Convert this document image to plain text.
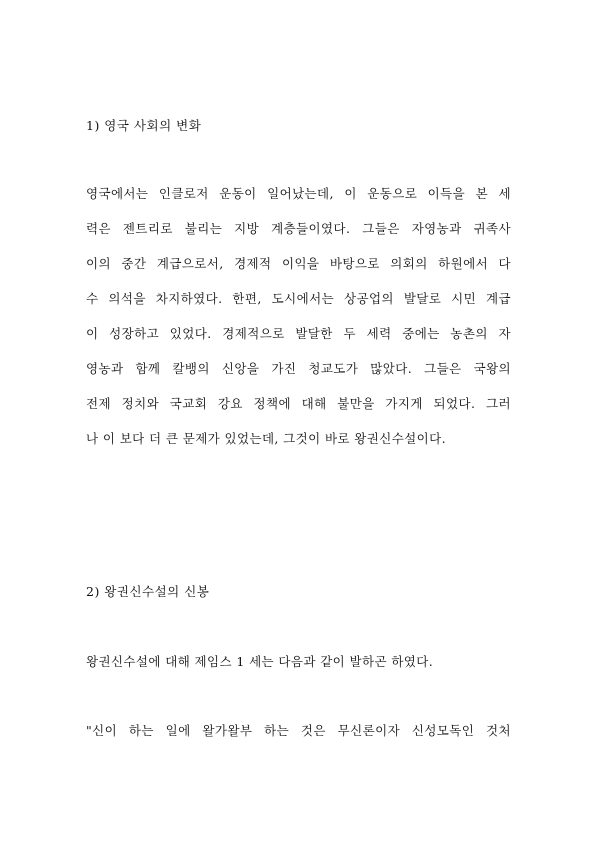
1) 영국 사회의 변화
영국에서는 인클로저 운동이 일어났는데, 이 운동으로 이득을 본 세
력은 젠트리로 불리는 지방 계층들이였다. 그들은 자영농과 귀족사
이의 중간 계급으로서, 경제적 이익을 바탕으로 의회의 하원에서 다
수 의석을 차지하였다. 한편, 도시에서는 상공업의 발달로 시민 계급
이 성장하고 있었다. 경제적으로 발달한 두 세력 중에는 농촌의 자
영농과 함께 칼뱅의 신앙을 가진 청교도가 많았다. 그들은 국왕의
전제 정치와 국교회 강요 정책에 대해 불만을 가지게 되었다. 그러
나 이 보다 더 큰 문제가 있었는데, 그것이 바로 왕권신수설이다.
2) 왕권신수설의 신봉
왕권신수설에 대해 제임스 1 세는 다음과 같이 발하곤 하였다.
"신이 하는 일에 왈가왈부 하는 것은 무신론이자 신성모독인 것처
